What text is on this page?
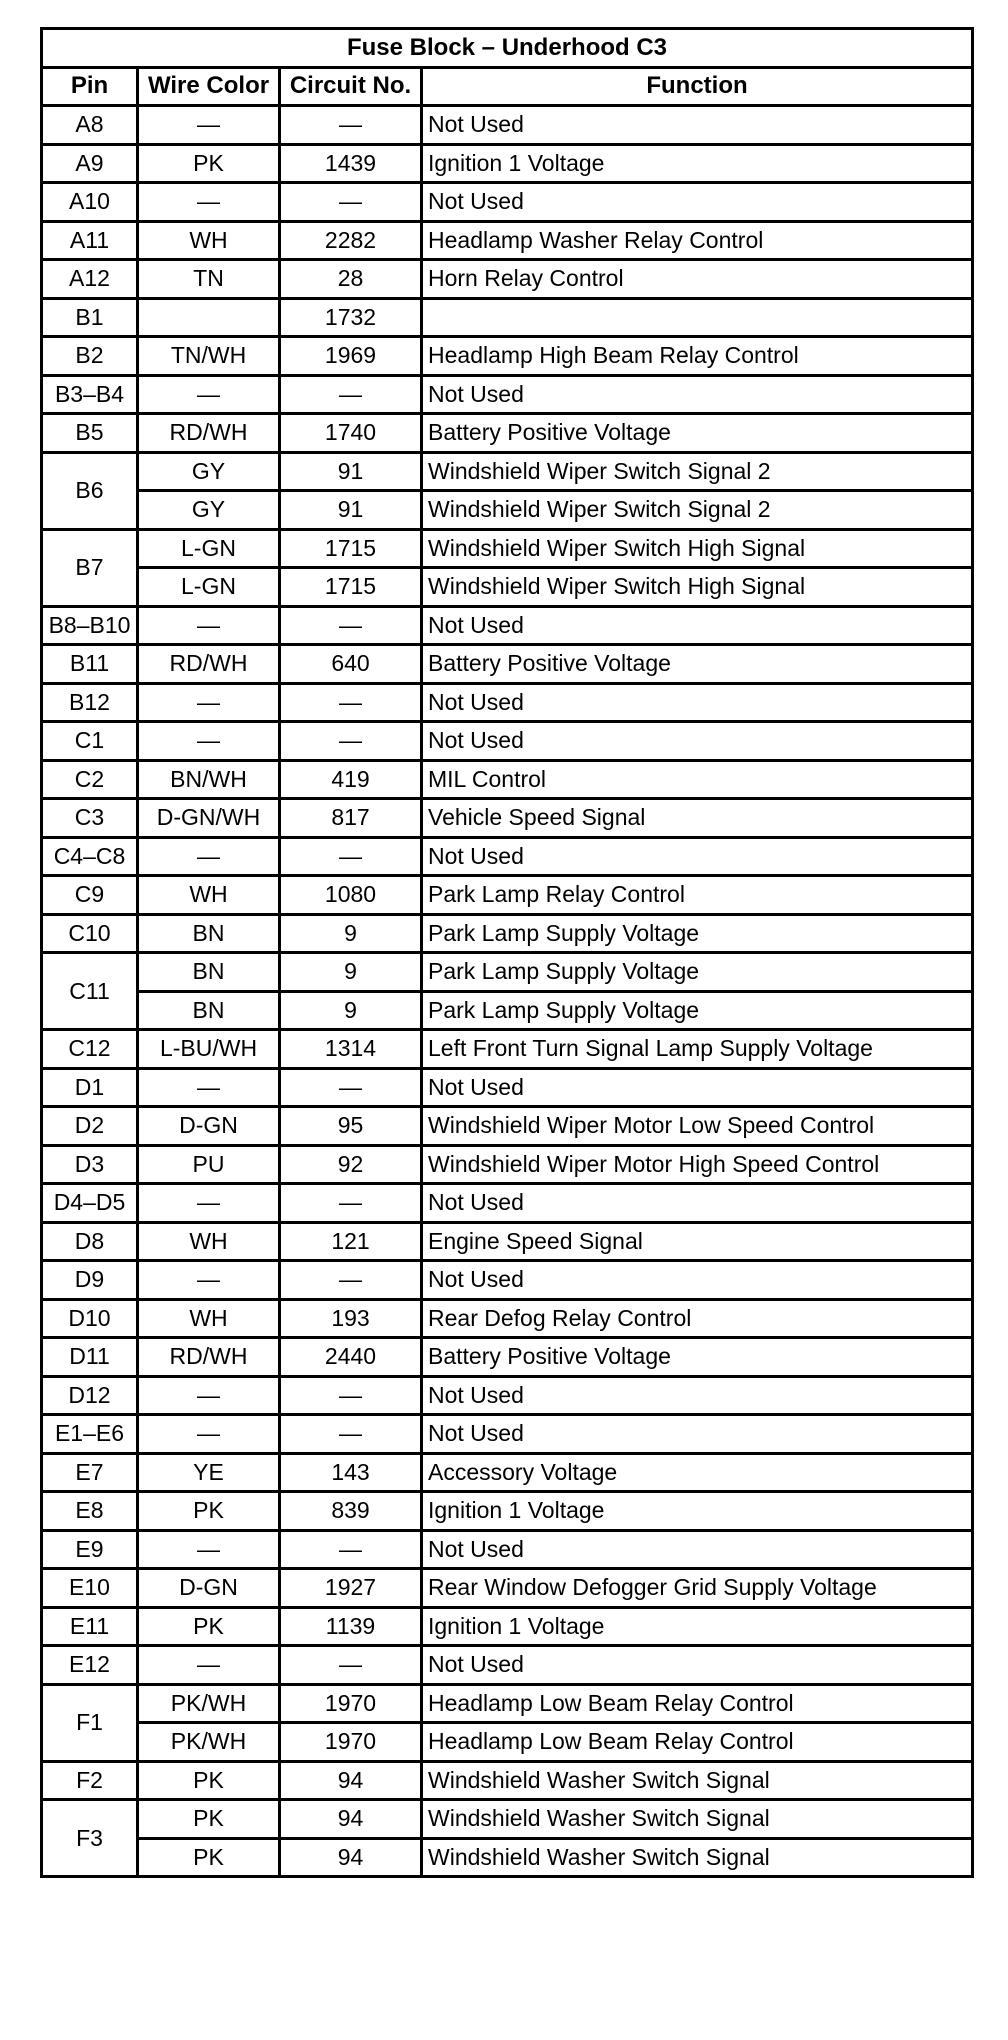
Fuse Block – Underhood C3			
Pin	Wire Color	Circuit No.	Function
A8	—	—	Not Used
A9	PK	1439	Ignition 1 Voltage
A10	—	—	Not Used
A11	WH	2282	Headlamp Washer Relay Control
A12	TN	28	Horn Relay Control
B1		1732	
B2	TN/WH	1969	Headlamp High Beam Relay Control
B3–B4	—	—	Not Used
B5	RD/WH	1740	Battery Positive Voltage
B6	GY	91	Windshield Wiper Switch Signal 2
	GY	91	Windshield Wiper Switch Signal 2
B7	L-GN	1715	Windshield Wiper Switch High Signal
	L-GN	1715	Windshield Wiper Switch High Signal
B8–B10	—	—	Not Used
B11	RD/WH	640	Battery Positive Voltage
B12	—	—	Not Used
C1	—	—	Not Used
C2	BN/WH	419	MIL Control
C3	D-GN/WH	817	Vehicle Speed Signal
C4–C8	—	—	Not Used
C9	WH	1080	Park Lamp Relay Control
C10	BN	9	Park Lamp Supply Voltage
C11	BN	9	Park Lamp Supply Voltage
	BN	9	Park Lamp Supply Voltage
C12	L-BU/WH	1314	Left Front Turn Signal Lamp Supply Voltage
D1	—	—	Not Used
D2	D-GN	95	Windshield Wiper Motor Low Speed Control
D3	PU	92	Windshield Wiper Motor High Speed Control
D4–D5	—	—	Not Used
D8	WH	121	Engine Speed Signal
D9	—	—	Not Used
D10	WH	193	Rear Defog Relay Control
D11	RD/WH	2440	Battery Positive Voltage
D12	—	—	Not Used
E1–E6	—	—	Not Used
E7	YE	143	Accessory Voltage
E8	PK	839	Ignition 1 Voltage
E9	—	—	Not Used
E10	D-GN	1927	Rear Window Defogger Grid Supply Voltage
E11	PK	1139	Ignition 1 Voltage
E12	—	—	Not Used
F1	PK/WH	1970	Headlamp Low Beam Relay Control
	PK/WH	1970	Headlamp Low Beam Relay Control
F2	PK	94	Windshield Washer Switch Signal
F3	PK	94	Windshield Washer Switch Signal
	PK	94	Windshield Washer Switch Signal
